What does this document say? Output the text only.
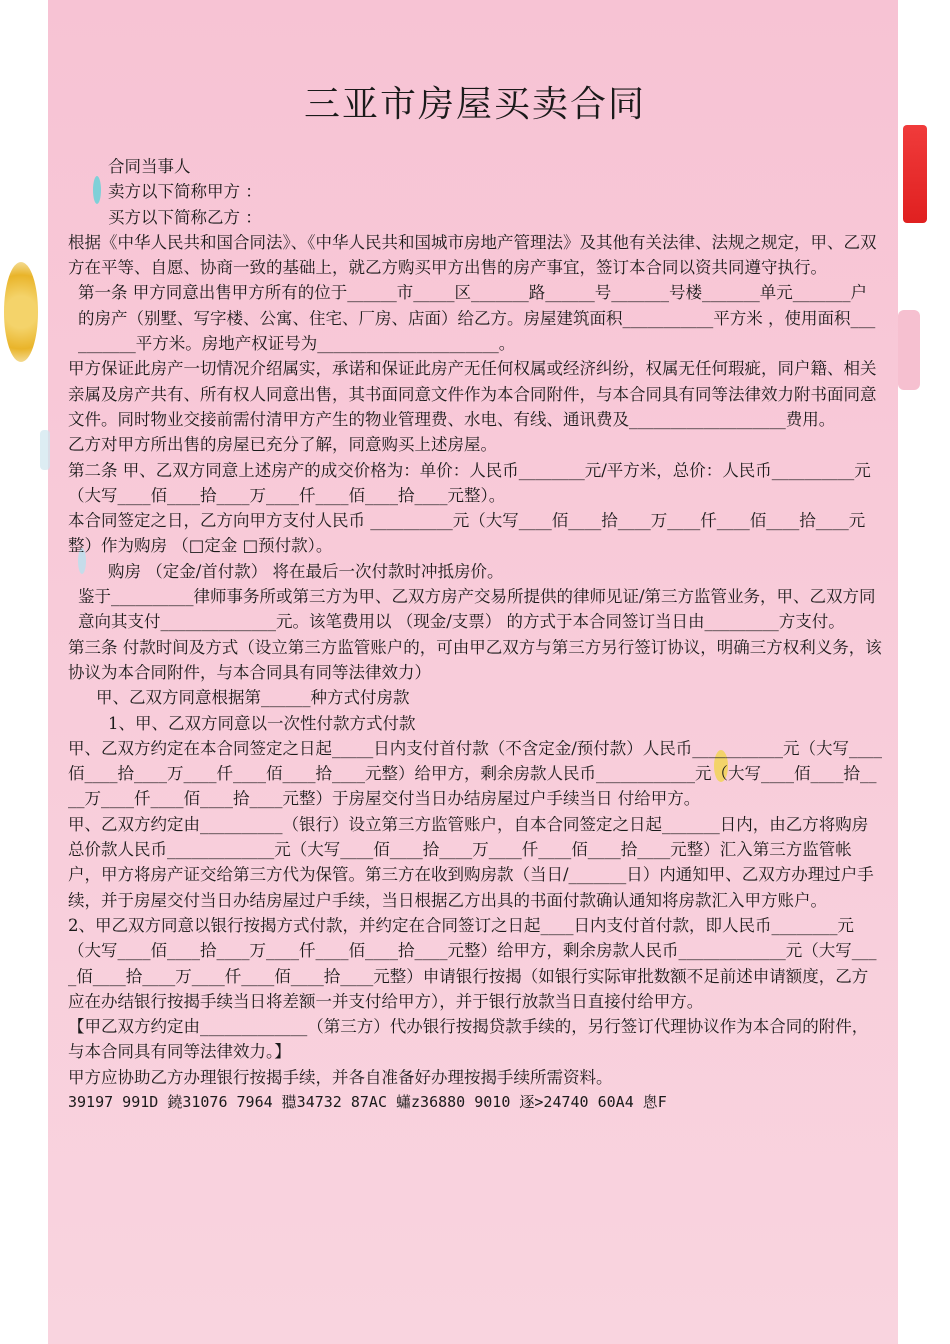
三亚市房屋买卖合同

合同当事人

卖方以下简称甲方 ：

买方以下简称乙方 ：

根据《中华人民共和国合同法》、《中华人民共和国城市房地产管理法》及其他有关法律、法规之规定，甲、乙双方在平等、自愿、协商一致的基础上，就乙方购买甲方出售的房产事宜，签订本合同以资共同遵守执行。

第一条 甲方同意出售甲方所有的位于______市_____区_______路______号_______号楼_______单元_______户的房产（别墅、写字楼、公寓、住宅、厂房、店面）给乙方。房屋建筑面积___________平方米 ，使用面积__________平方米。房地产权证号为______________________。

甲方保证此房产一切情况介绍属实，承诺和保证此房产无任何权属或经济纠纷，权属无任何瑕疵，同户籍、相关亲属及房产共有、所有权人同意出售，其书面同意文件作为本合同附件，与本合同具有同等法律效力附书面同意文件。同时物业交接前需付清甲方产生的物业管理费、水电、有线、通讯费及___________________费用。

乙方对甲方所出售的房屋已充分了解，同意购买上述房屋。

第二条 甲、乙双方同意上述房产的成交价格为：单价：人民币________元/平方米，总价：人民币__________元（大写____佰____拾____万____仟____佰____拾____元整）。

本合同签定之日，乙方向甲方支付人民币 __________元（大写____佰____拾____万____仟____佰____拾____元整）作为购房 （□定金 □预付款）。

购房 （定金/首付款） 将在最后一次付款时冲抵房价。

鉴于__________律师事务所或第三方为甲、乙双方房产交易所提供的律师见证/第三方监管业务，甲、乙双方同意向其支付______________元。该笔费用以 （现金/支票） 的方式于本合同签订当日由_________方支付。

第三条 付款时间及方式（设立第三方监管账户的，可由甲乙双方与第三方另行签订协议，明确三方权利义务，该协议为本合同附件，与本合同具有同等法律效力）

甲、乙双方同意根据第______种方式付房款

1、甲、乙双方同意以一次性付款方式付款

甲、乙双方约定在本合同签定之日起_____日内支付首付款（不含定金/预付款）人民币___________元（大写____佰____拾____万____仟____佰____拾____元整）给甲方，剩余房款人民币____________元（大写____佰____拾____万____仟____佰____拾____元整）于房屋交付当日办结房屋过户手续当日 付给甲方。

甲、乙双方约定由__________（银行）设立第三方监管账户，自本合同签定之日起_______日内，由乙方将购房总价款人民币_____________元（大写____佰____拾____万____仟____佰____拾____元整）汇入第三方监管帐户，甲方将房产证交给第三方代为保管。第三方在收到购房款（当日/_______日）内通知甲、乙双方办理过户手续，并于房屋交付当日办结房屋过户手续，当日根据乙方出具的书面付款确认通知将房款汇入甲方账户。

2、甲乙双方同意以银行按揭方式付款，并约定在合同签订之日起____日内支付首付款，即人民币________元（大写____佰____拾____万____仟____佰____拾____元整）给甲方，剩余房款人民币_____________元（大写____佰____拾____万____仟____佰____拾____元整）申请银行按揭（如银行实际审批数额不足前述申请额度，乙方应在办结银行按揭手续当日将差额一并支付给甲方），并于银行放款当日直接付给甲方。

【甲乙双方约定由_____________（第三方）代办银行按揭贷款手续的，另行签订代理协议作为本合同的附件，与本合同具有同等法律效力。】

甲方应协助乙方办理银行按揭手续，并各自准备好办理按揭手续所需资料。

39197 991D 鐃31076 7964 䎚34732 87AC 蠨z36880 9010 逐>24740 60A4 悤F
